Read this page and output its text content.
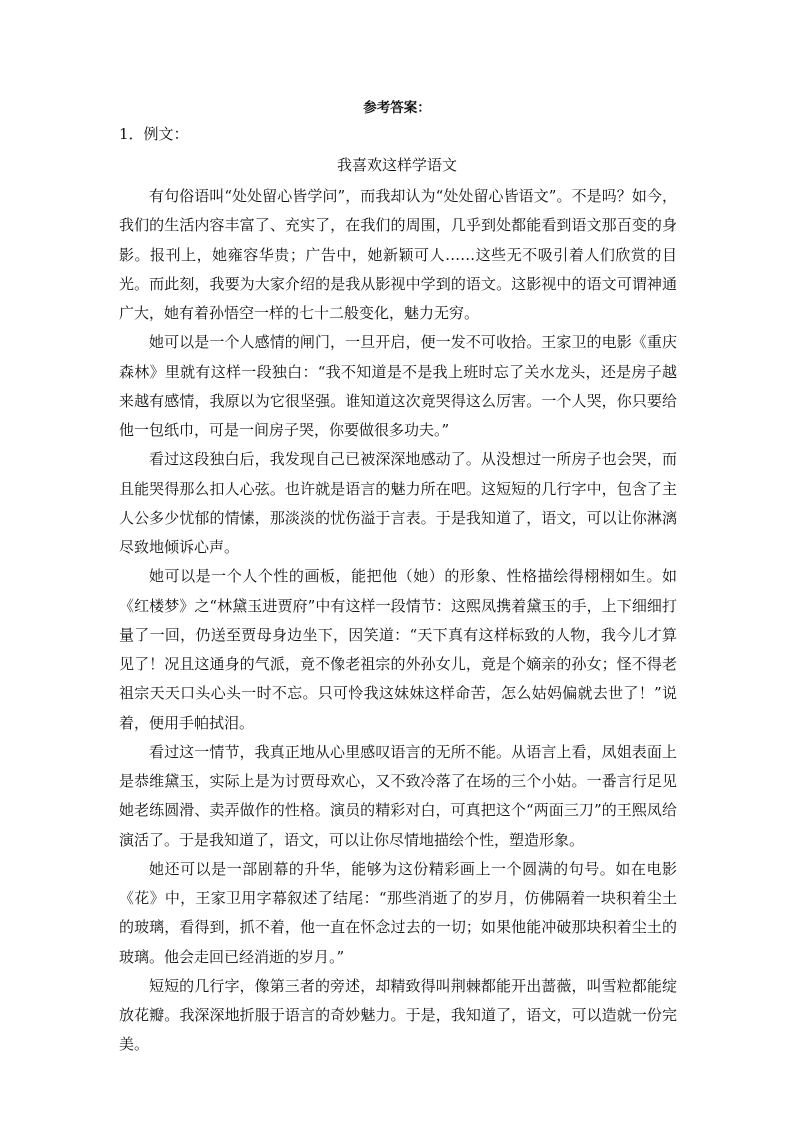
参考答案：
1．例文：
我喜欢这样学语文

有句俗语叫“处处留心皆学问”，而我却认为“处处留心皆语文”。不是吗？如今，我们的生活内容丰富了、充实了，在我们的周围，几乎到处都能看到语文那百变的身影。报刊上，她雍容华贵；广告中，她新颖可人……这些无不吸引着人们欣赏的目光。而此刻，我要为大家介绍的是我从影视中学到的语文。这影视中的语文可谓神通广大，她有着孙悟空一样的七十二般变化，魅力无穷。

她可以是一个人感情的闸门，一旦开启，便一发不可收拾。王家卫的电影《重庆森林》里就有这样一段独白：“我不知道是不是我上班时忘了关水龙头，还是房子越来越有感情，我原以为它很坚强。谁知道这次竟哭得这么厉害。一个人哭，你只要给他一包纸巾，可是一间房子哭，你要做很多功夫。”

看过这段独白后，我发现自己已被深深地感动了。从没想过一所房子也会哭，而且能哭得那么扣人心弦。也许就是语言的魅力所在吧。这短短的几行字中，包含了主人公多少忧郁的情愫，那淡淡的忧伤溢于言表。于是我知道了，语文，可以让你淋漓尽致地倾诉心声。

她可以是一个人个性的画板，能把他（她）的形象、性格描绘得栩栩如生。如《红楼梦》之“林黛玉进贾府”中有这样一段情节：这熙凤携着黛玉的手，上下细细打量了一回，仍送至贾母身边坐下，因笑道：“天下真有这样标致的人物，我今儿才算见了！况且这通身的气派，竟不像老祖宗的外孙女儿，竟是个嫡亲的孙女；怪不得老祖宗天天口头心头一时不忘。只可怜我这妹妹这样命苦，怎么姑妈偏就去世了！”说着，便用手帕拭泪。

看过这一情节，我真正地从心里感叹语言的无所不能。从语言上看，凤姐表面上是恭维黛玉，实际上是为讨贾母欢心，又不致冷落了在场的三个小姑。一番言行足见她老练圆滑、卖弄做作的性格。演员的精彩对白，可真把这个“两面三刀”的王熙凤给演活了。于是我知道了，语文，可以让你尽情地描绘个性，塑造形象。

她还可以是一部剧幕的升华，能够为这份精彩画上一个圆满的句号。如在电影《花》中，王家卫用字幕叙述了结尾：“那些消逝了的岁月，仿佛隔着一块积着尘土的玻璃，看得到，抓不着，他一直在怀念过去的一切；如果他能冲破那块积着尘土的玻璃。他会走回已经消逝的岁月。”

短短的几行字，像第三者的旁述，却精致得叫荆棘都能开出蔷薇，叫雪粒都能绽放花瓣。我深深地折服于语言的奇妙魅力。于是，我知道了，语文，可以造就一份完美。
